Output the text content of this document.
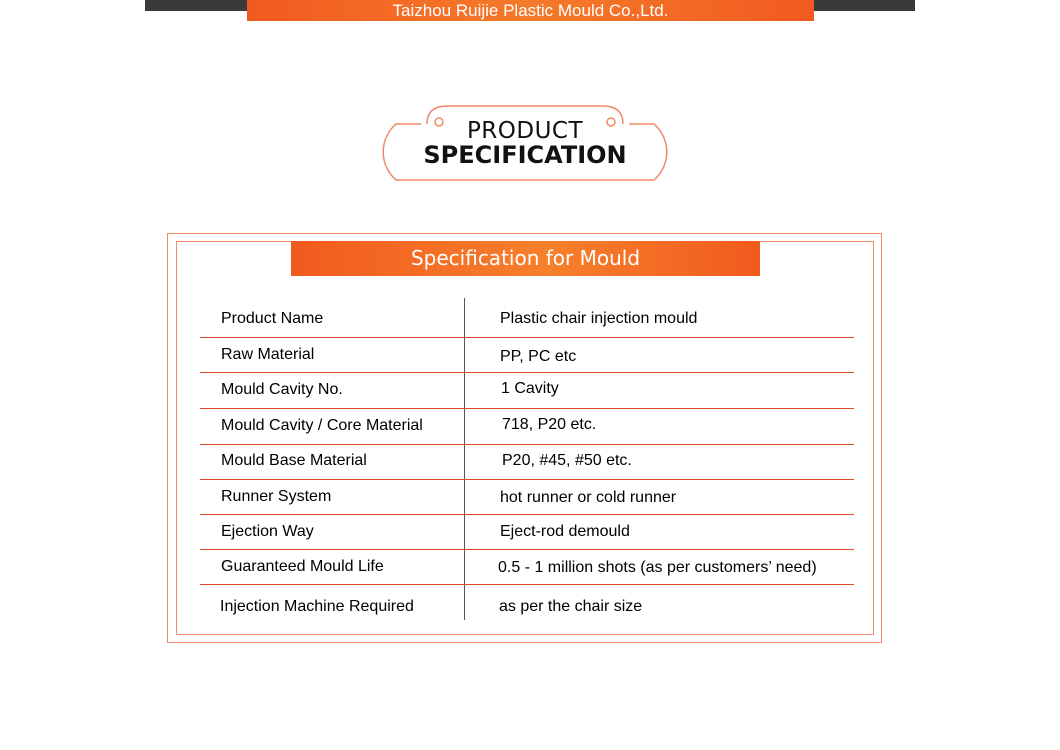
Taizhou Ruijie Plastic Mould Co.,Ltd.
PRODUCT
SPECIFICATION
Specification for Mould
Product Name	Plastic chair injection mould
Raw Material	PP, PC etc
Mould Cavity No.	1 Cavity
Mould Cavity / Core Material	718, P20 etc.
Mould Base Material	P20, #45, #50 etc.
Runner System	hot runner or cold runner
Ejection Way	Eject-rod demould
Guaranteed Mould Life	0.5 - 1 million shots (as per customers’ need)
Injection Machine Required	as per the chair size
